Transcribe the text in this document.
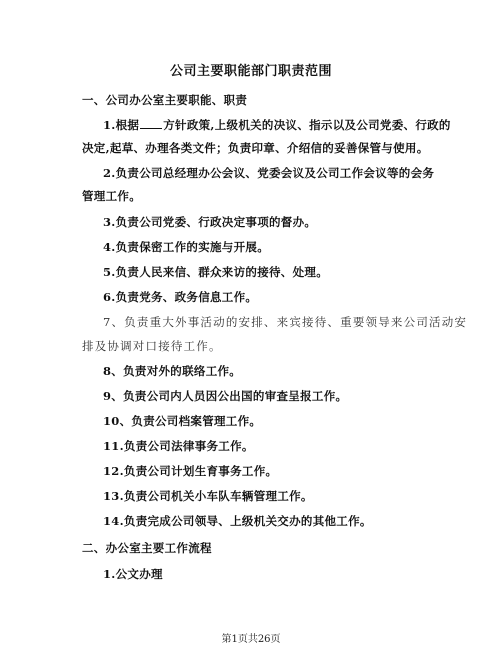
公司主要职能部门职责范围
一、公司办公室主要职能、职责
1.根据 方针政策,上级机关的决议、指示以及公司党委、行政的
决定,起草、办理各类文件；负责印章、介绍信的妥善保管与使用。
2.负责公司总经理办公会议、党委会议及公司工作会议等的会务
管理工作。
3.负责公司党委、行政决定事项的督办。
4.负责保密工作的实施与开展。
5.负责人民来信、群众来访的接待、处理。
6.负责党务、政务信息工作。
7、负责重大外事活动的安排、来宾接待、重要领导来公司活动安
排及协调对口接待工作。
8、负责对外的联络工作。
9、负责公司内人员因公出国的审查呈报工作。
10、负责公司档案管理工作。
11.负责公司法律事务工作。
12.负责公司计划生育事务工作。
13.负责公司机关小车队车辆管理工作。
14.负责完成公司领导、上级机关交办的其他工作。
二、办公室主要工作流程
1.公文办理
第1页共26页
